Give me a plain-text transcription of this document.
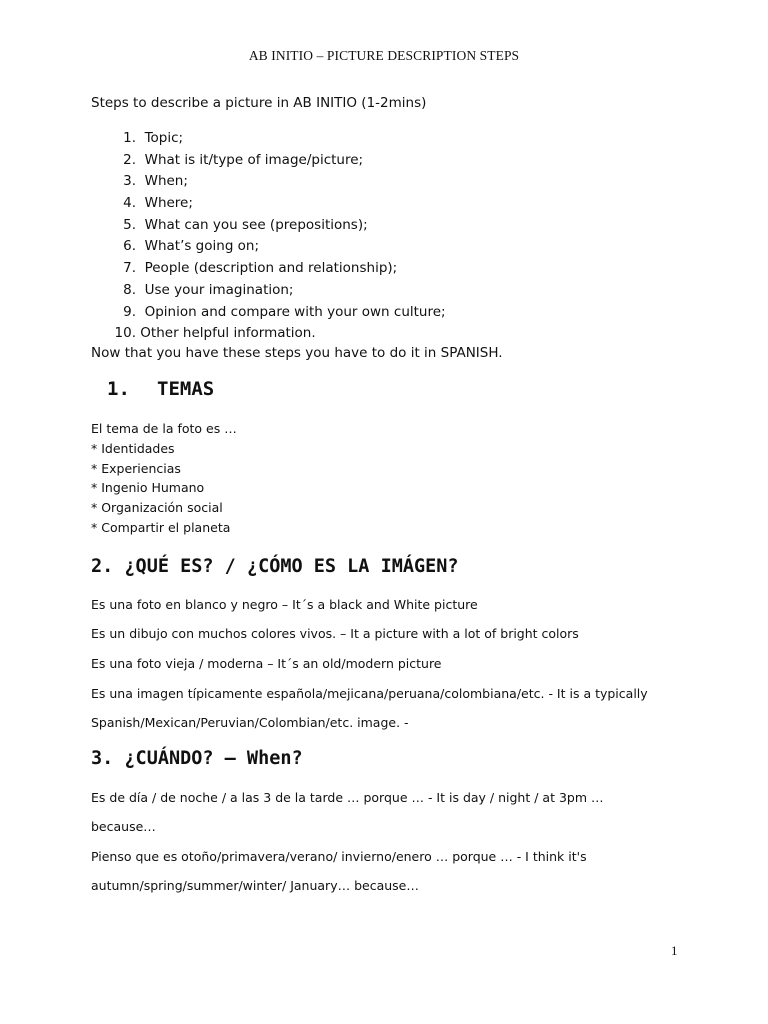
AB INITIO – PICTURE DESCRIPTION STEPS
Steps to describe a picture in AB INITIO (1-2mins)
1. Topic;
2. What is it/type of image/picture;
3. When;
4. Where;
5. What can you see (prepositions);
6. What’s going on;
7. People (description and relationship);
8. Use your imagination;
9. Opinion and compare with your own culture;
10. Other helpful information.
Now that you have these steps you have to do it in SPANISH.
1. TEMAS
El tema de la foto es …
* Identidades
* Experiencias
* Ingenio Humano
* Organización social
* Compartir el planeta
2. ¿QUÉ ES? / ¿CÓMO ES LA IMÁGEN?
Es una foto en blanco y negro – It´s a black and White picture
Es un dibujo con muchos colores vivos. – It a picture with a lot of bright colors
Es una foto vieja / moderna – It´s an old/modern picture
Es una imagen típicamente española/mejicana/peruana/colombiana/etc. - It is a typically
Spanish/Mexican/Peruvian/Colombian/etc. image. -
3. ¿CUÁNDO? – When?
Es de día / de noche / a las 3 de la tarde … porque … - It is day / night / at 3pm …
because…
Pienso que es otoño/primavera/verano/ invierno/enero … porque … - I think it's
autumn/spring/summer/winter/ January… because…
1
